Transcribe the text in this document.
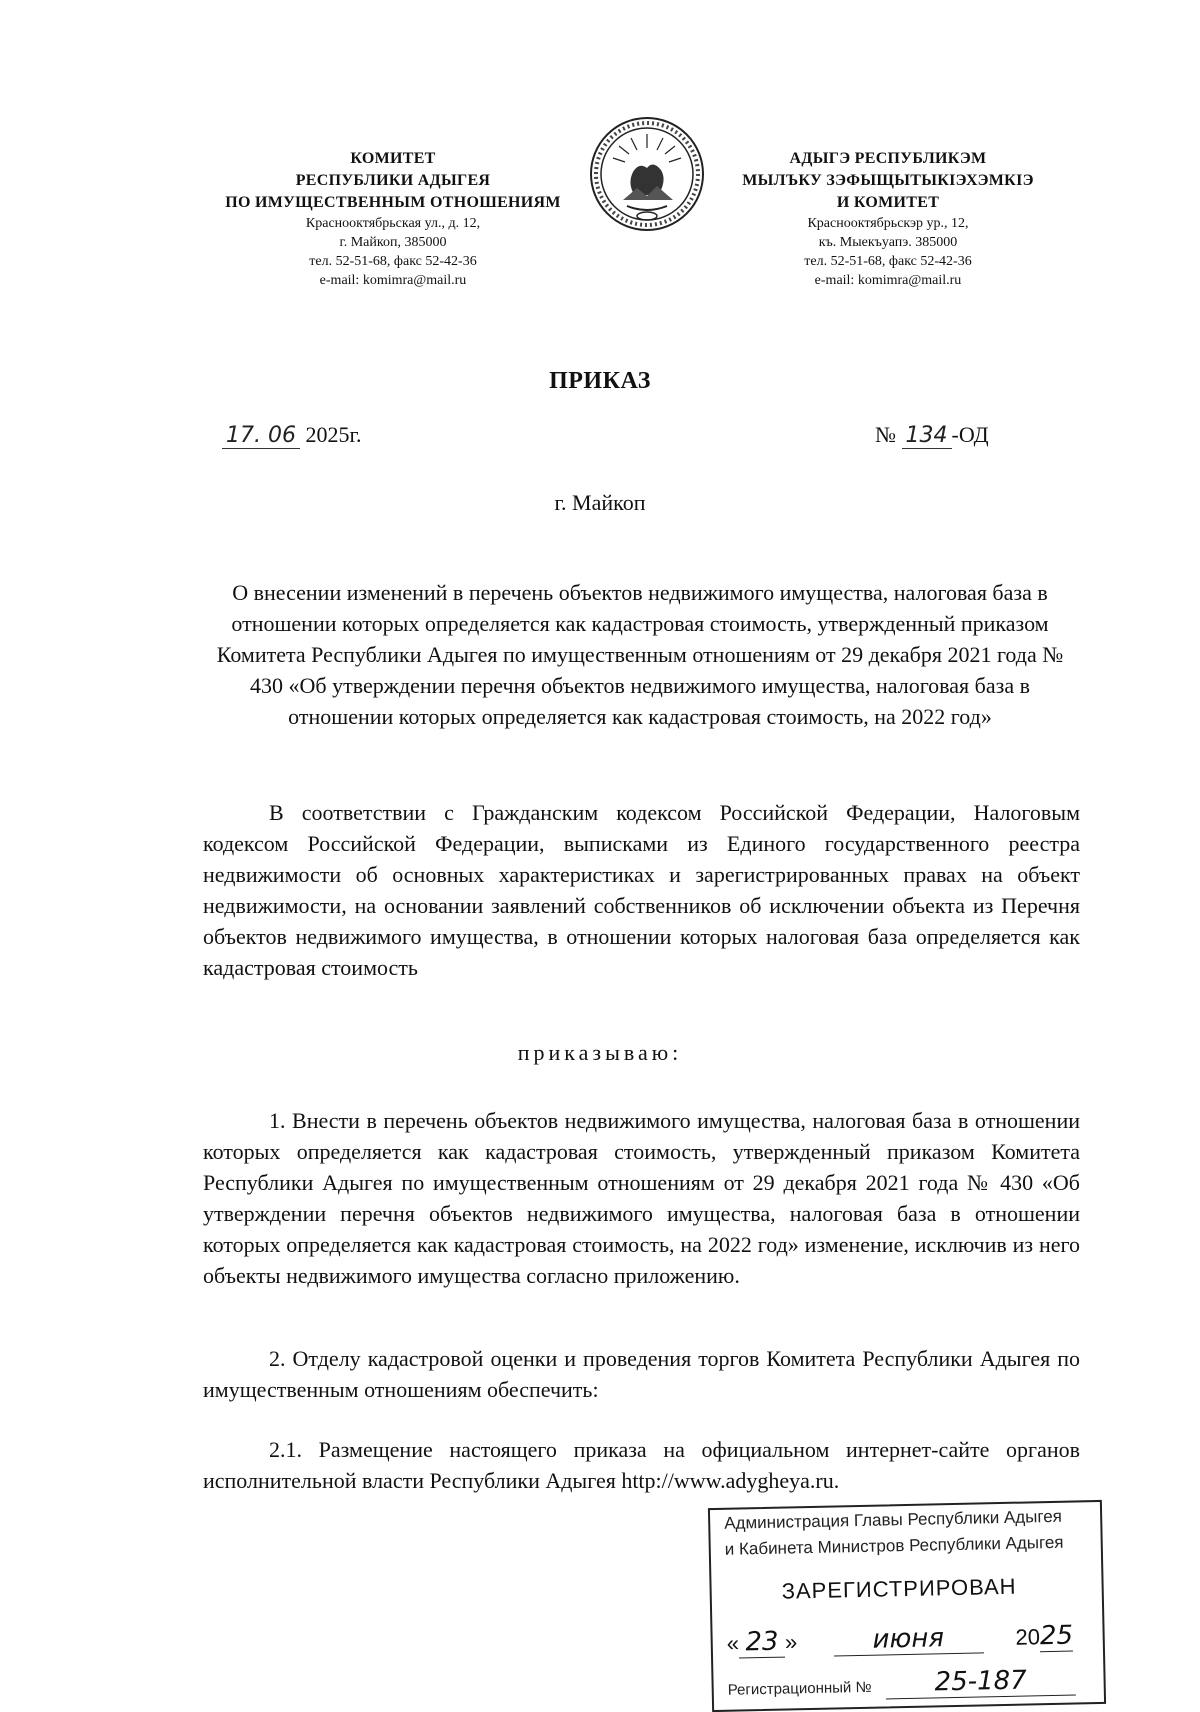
КОМИТЕТ
РЕСПУБЛИКИ АДЫГЕЯ
ПО ИМУЩЕСТВЕННЫМ ОТНОШЕНИЯМ
Краснооктябрьская ул., д. 12,
г. Майкоп, 385000
тел. 52-51-68, факс 52-42-36
e-mail: komimra@mail.ru
АДЫГЭ РЕСПУБЛИКЭМ
МЫЛЪКУ ЗЭФЫЩЫТЫКIЭХЭМКIЭ
И КОМИТЕТ
Краснооктябрьскэр ур., 12,
къ. Мыекъуапэ. 385000
тел. 52-51-68, факс 52-42-36
e-mail: komimra@mail.ru
ПРИКАЗ
17. 06 2025г.	№ 134 -ОД
г. Майкоп
О внесении изменений в перечень объектов недвижимого имущества, налоговая база в отношении которых определяется как кадастровая стоимость, утвержденный приказом Комитета Республики Адыгея по имущественным отношениям от 29 декабря 2021 года № 430 «Об утверждении перечня объектов недвижимого имущества, налоговая база в отношении которых определяется как кадастровая стоимость, на 2022 год»
В соответствии с Гражданским кодексом Российской Федерации, Налоговым кодексом Российской Федерации, выписками из Единого государственного реестра недвижимости об основных характеристиках и зарегистрированных правах на объект недвижимости, на основании заявлений собственников об исключении объекта из Перечня объектов недвижимого имущества, в отношении которых налоговая база определяется как кадастровая стоимость
приказываю:
1. Внести в перечень объектов недвижимого имущества, налоговая база в отношении которых определяется как кадастровая стоимость, утвержденный приказом Комитета Республики Адыгея по имущественным отношениям от 29 декабря 2021 года № 430 «Об утверждении перечня объектов недвижимого имущества, налоговая база в отношении которых определяется как кадастровая стоимость, на 2022 год» изменение, исключив из него объекты недвижимого имущества согласно приложению.
2. Отделу кадастровой оценки и проведения торгов Комитета Республики Адыгея по имущественным отношениям обеспечить:
2.1. Размещение настоящего приказа на официальном интернет-сайте органов исполнительной власти Республики Адыгея http://www.adygheya.ru.
Администрация Главы Республики Адыгея
и Кабинета Министров Республики Адыгея
ЗАРЕГИСТРИРОВАН
« 23 »	июня	2025
Регистрационный № 25-187
